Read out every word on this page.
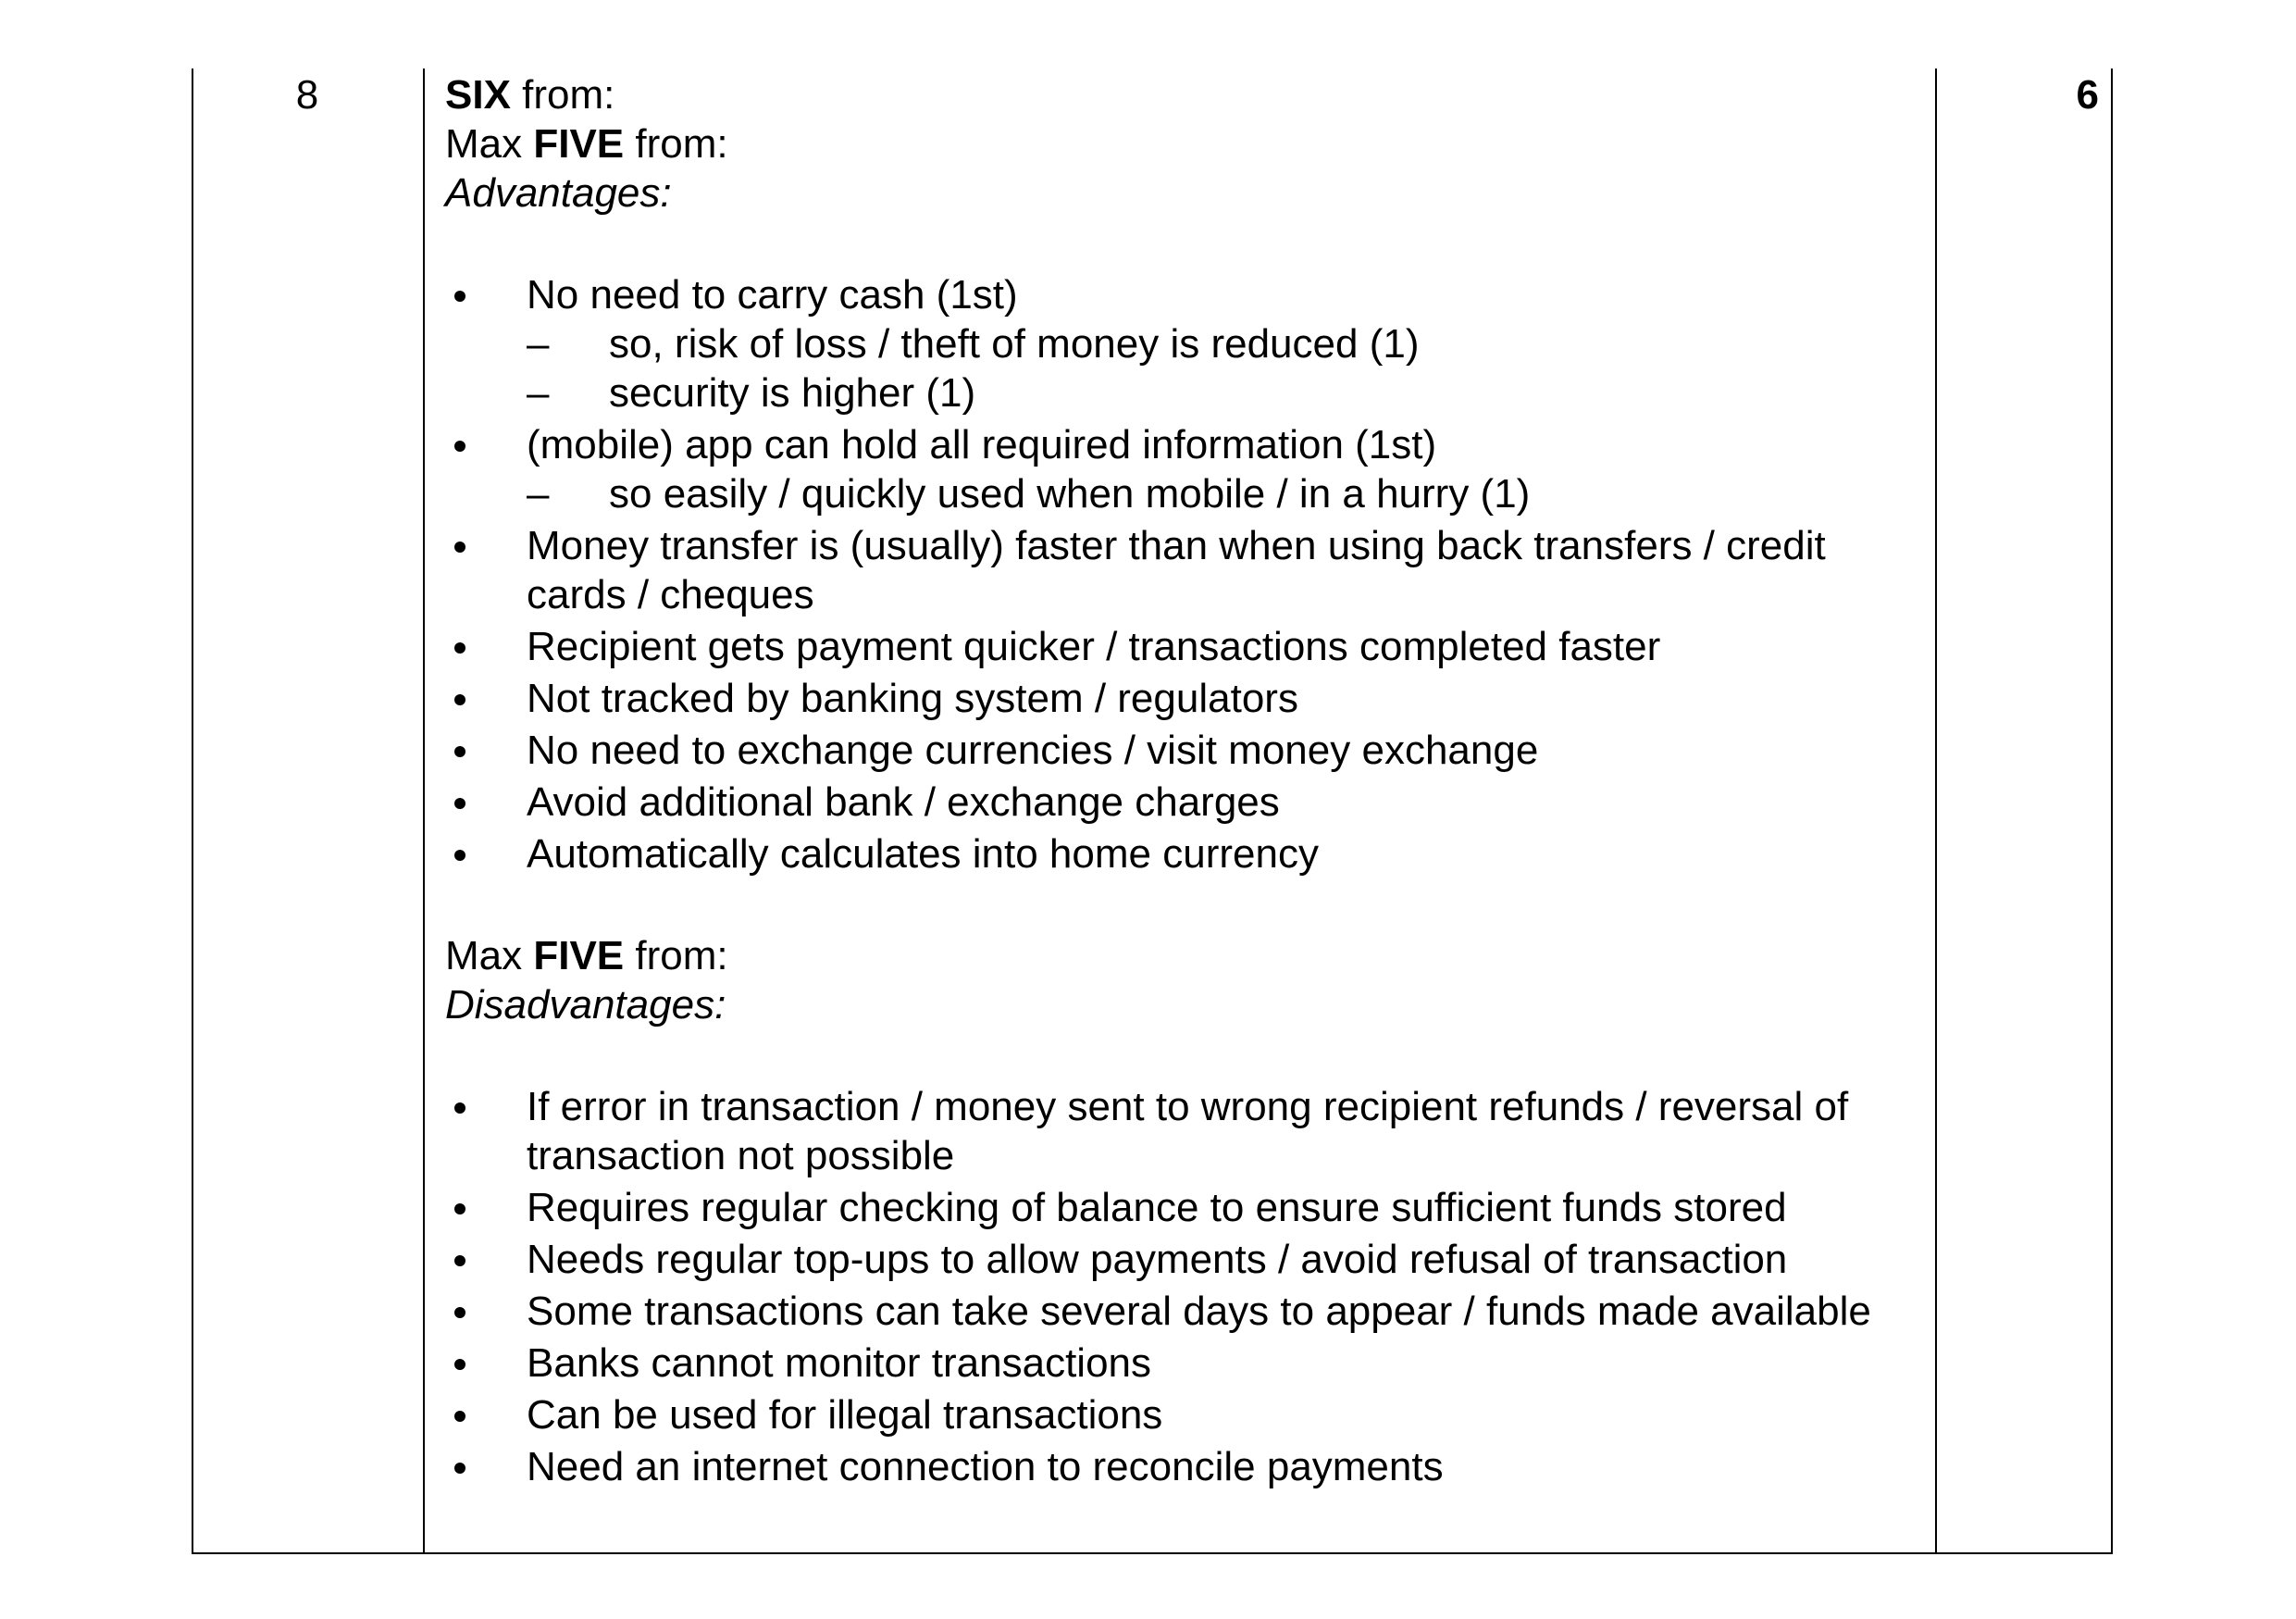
8	6
SIX from:
Max FIVE from:
Advantages:
No need to carry cash (1st)
–	so, risk of loss / theft of money is reduced (1)
–	security is higher (1)
(mobile) app can hold all required information (1st)
–	so easily / quickly used when mobile / in a hurry (1)
Money transfer is (usually) faster than when using back transfers / credit cards / cheques
Recipient gets payment quicker / transactions completed faster
Not tracked by banking system / regulators
No need to exchange currencies / visit money exchange
Avoid additional bank / exchange charges
Automatically calculates into home currency
Max FIVE from:
Disadvantages:
If error in transaction / money sent to wrong recipient refunds / reversal of transaction not possible
Requires regular checking of balance to ensure sufficient funds stored
Needs regular top-ups to allow payments / avoid refusal of transaction
Some transactions can take several days to appear / funds made available
Banks cannot monitor transactions
Can be used for illegal transactions
Need an internet connection to reconcile payments
